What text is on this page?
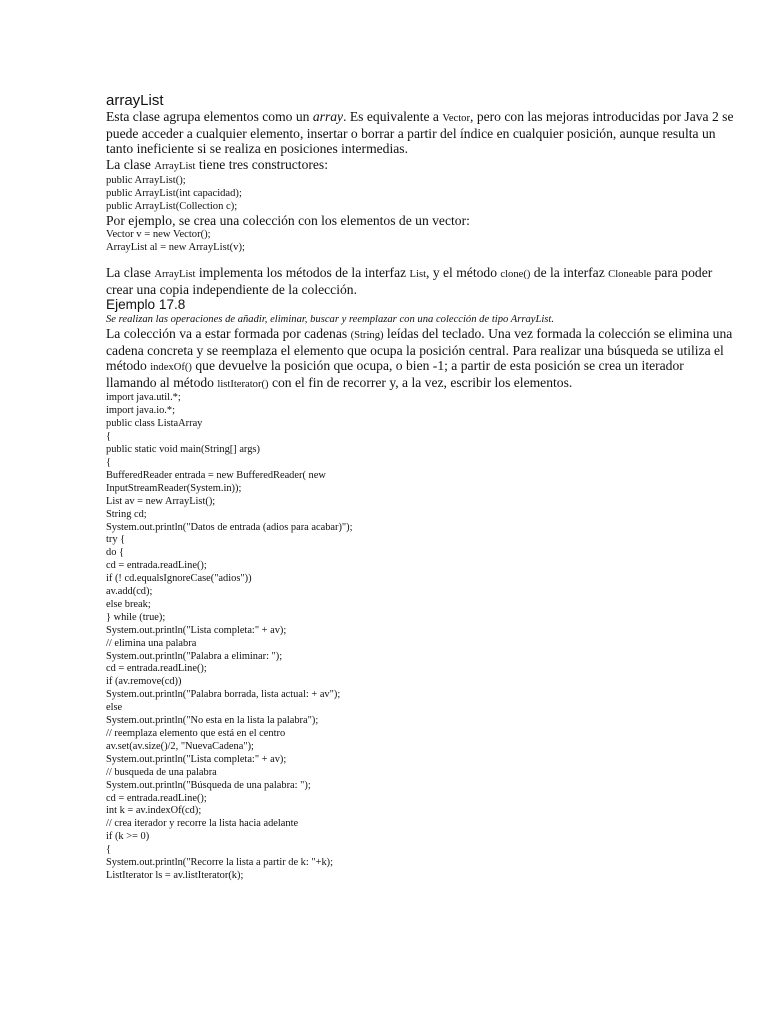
arrayList
Esta clase agrupa elementos como un array. Es equivalente a Vector, pero con las mejoras introducidas por Java 2 se puede acceder a cualquier elemento, insertar o borrar a partir del índice en cualquier posición, aunque resulta un tanto ineficiente si se realiza en posiciones intermedias.
La clase ArrayList tiene tres constructores:
public ArrayList();
public ArrayList(int capacidad);
public ArrayList(Collection c);
Por ejemplo, se crea una colección con los elementos de un vector:
Vector v = new Vector();
ArrayList al = new ArrayList(v);
La clase ArrayList implementa los métodos de la interfaz List, y el método clone() de la interfaz Cloneable para poder crear una copia independiente de la colección.
Ejemplo 17.8
Se realizan las operaciones de añadir, eliminar, buscar y reemplazar con una colección de tipo ArrayList.
La colección va a estar formada por cadenas (String) leídas del teclado. Una vez formada la colección se elimina una cadena concreta y se reemplaza el elemento que ocupa la posición central. Para realizar una búsqueda se utiliza el método indexOf() que devuelve la posición que ocupa, o bien -1; a partir de esta posición se crea un iterador llamando al método listIterator() con el fin de recorrer y, a la vez, escribir los elementos.
import java.util.*;
import java.io.*;
public class ListaArray
{
public static void main(String[] args)
{
BufferedReader entrada = new BufferedReader( new
InputStreamReader(System.in));
List av = new ArrayList();
String cd;
System.out.println("Datos de entrada (adios para acabar)");
try {
do {
cd = entrada.readLine();
if (! cd.equalsIgnoreCase("adios"))
av.add(cd);
else break;
} while (true);
System.out.println("Lista completa:" + av);
// elimina una palabra
System.out.println("Palabra a eliminar: ");
cd = entrada.readLine();
if (av.remove(cd))
System.out.println("Palabra borrada, lista actual: + av");
else
System.out.println("No esta en la lista la palabra");
// reemplaza elemento que está en el centro
av.set(av.size()/2, "NuevaCadena");
System.out.println("Lista completa:" + av);
// busqueda de una palabra
System.out.println("Búsqueda de una palabra: ");
cd = entrada.readLine();
int k = av.indexOf(cd);
// crea iterador y recorre la lista hacia adelante
if (k >= 0)
{
System.out.println("Recorre la lista a partir de k: "+k);
ListIterator ls = av.listIterator(k);
